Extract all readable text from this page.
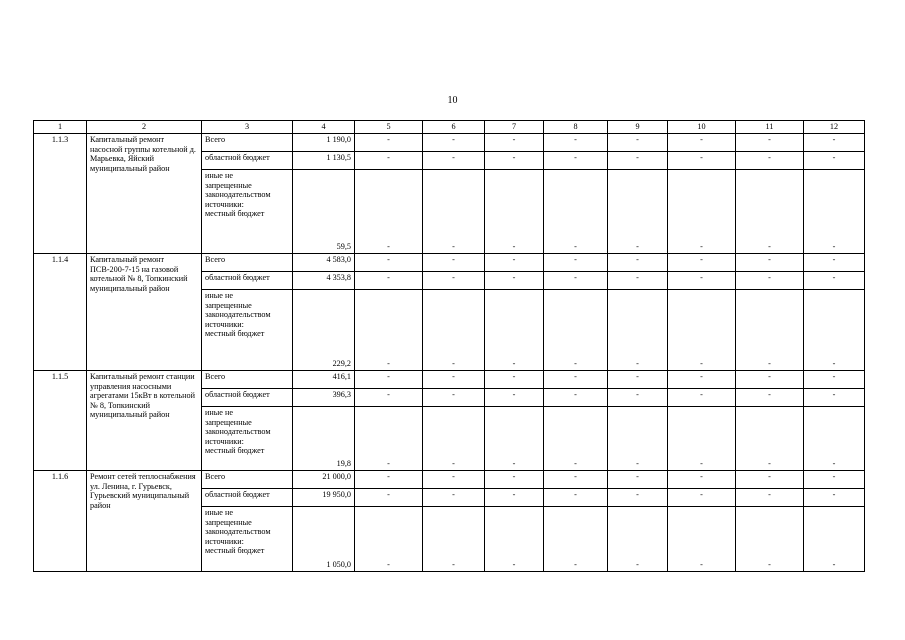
10
1	2	3	4	5	6	7	8	9	10	11	12
1.1.3	Капитальный ремонт насосной группы котельной д. Марьевка, Яйский муниципальный район	Всего	1 190,0	-	-	-	-	-	-	-	-
		областной бюджет	1 130,5	-	-	-	-	-	-	-	-

		иные не
запрещенные
законодательством
источники:
местный бюджет	59,5	-	-	-	-	-	-	-	-
1.1.4	Капитальный ремонт ПСВ-200-7-15 на газовой котельной № 8, Топкинский муниципальный район	Всего	4 583,0	-	-	-	-	-	-	-	-
		областной бюджет	4 353,8	-	-	-	-	-	-	-	-

		иные не
запрещенные
законодательством
источники:
местный бюджет	229,2	-	-	-	-	-	-	-	-
1.1.5	Капитальный ремонт станции управления насосными агрегатами 15кВт в котельной № 8, Топкинский муниципальный район	Всего	416,1	-	-	-	-	-	-	-	-
		областной бюджет	396,3	-	-	-	-	-	-	-	-

		иные не
запрещенные
законодательством
источники:
местный бюджет	19,8	-	-	-	-	-	-	-	-
1.1.6	Ремонт сетей теплоснабжения ул. Ленина, г. Гурьевск, Гурьевский муниципальный район	Всего	21 000,0	-	-	-	-	-	-	-	-
		областной бюджет	19 950,0	-	-	-	-	-	-	-	-

		иные не
запрещенные
законодательством
источники:
местный бюджет	1 050,0	-	-	-	-	-	-	-	-
